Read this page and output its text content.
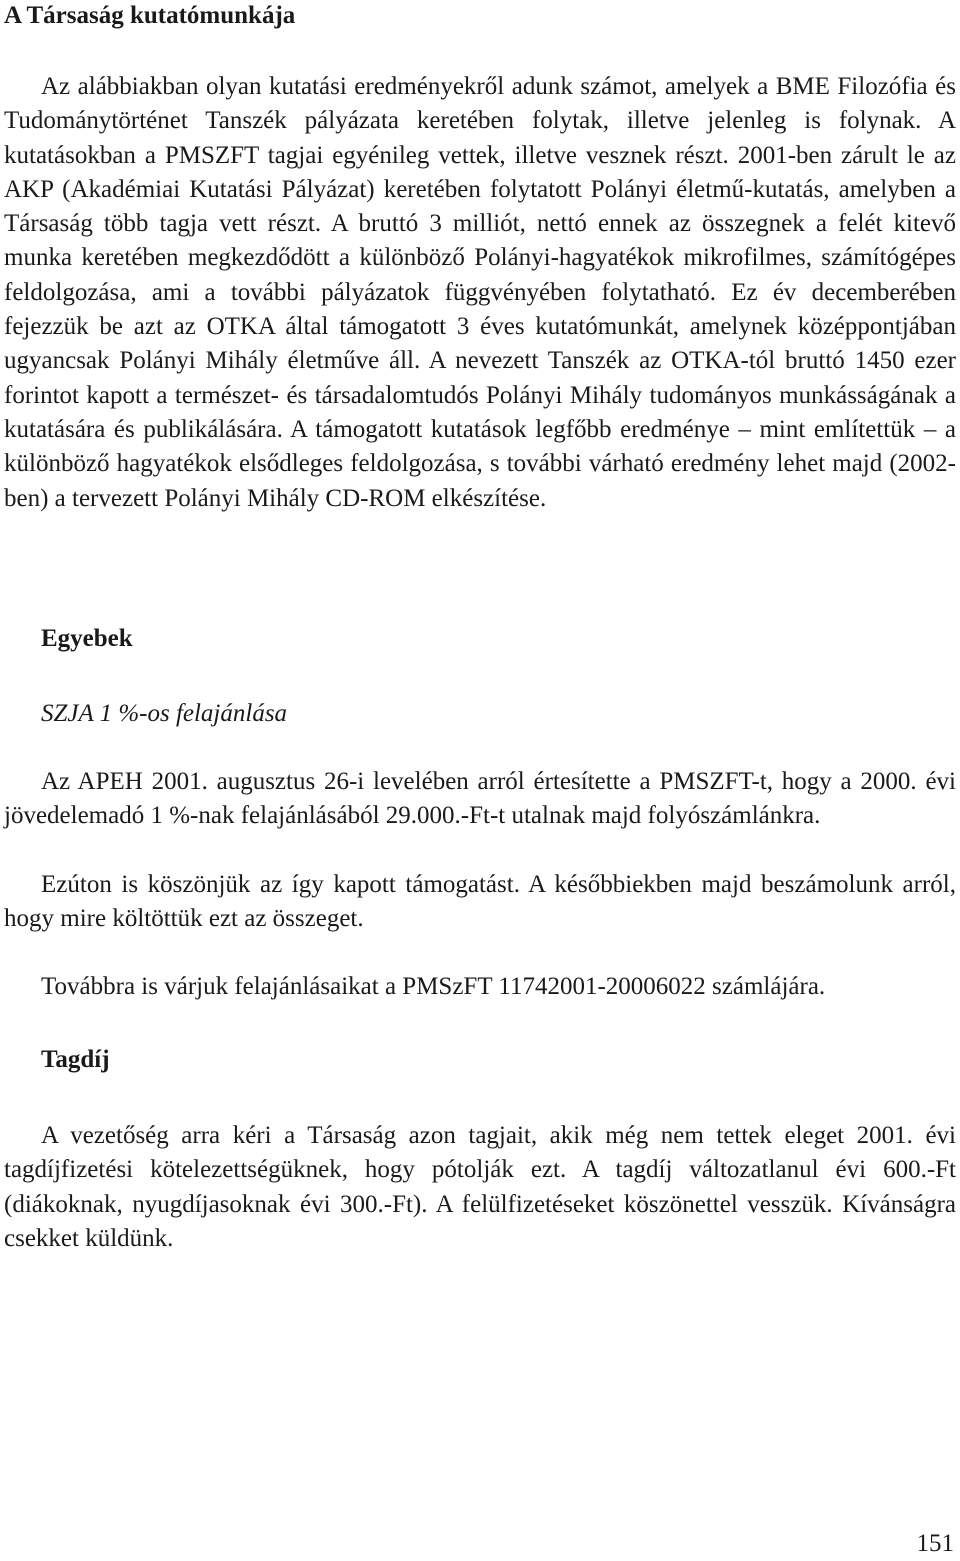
A Társaság kutatómunkája

Az alábbiakban olyan kutatási eredményekről adunk számot, amelyek a BME Filozófia és Tudománytörténet Tanszék pályázata keretében folytak, illetve jelenleg is folynak. A kutatásokban a PMSZFT tagjai egyénileg vettek, illetve vesznek részt. 2001-ben zárult le az AKP (Akadémiai Kutatási Pályázat) keretében folytatott Polányi életmű-kutatás, amelyben a Társaság több tagja vett részt. A bruttó 3 milliót, nettó ennek az összegnek a felét kitevő munka keretében megkezdődött a különböző Polányi-hagyatékok mikrofilmes, számítógépes feldolgozása, ami a további pályázatok függvényében folytatható. Ez év decemberében fejezzük be azt az OTKA által támogatott 3 éves kutatómunkát, amelynek középpontjában ugyancsak Polányi Mihály életműve áll. A nevezett Tanszék az OTKA-tól bruttó 1450 ezer forintot kapott a természet- és társadalomtudós Polányi Mihály tudományos munkásságának a kutatására és publikálására. A támogatott kutatások legfőbb eredménye – mint említettük – a különböző hagyatékok elsődleges feldolgozása, s további várható eredmény lehet majd (2002-ben) a tervezett Polányi Mihály CD-ROM elkészítése.

Egyebek
SZJA 1 %-os felajánlása

Az APEH 2001. augusztus 26-i levelében arról értesítette a PMSZFT-t, hogy a 2000. évi jövedelemadó 1 %-nak felajánlásából 29.000.-Ft-t utalnak majd folyószámlánkra.

Ezúton is köszönjük az így kapott támogatást. A későbbiekben majd beszámolunk arról, hogy mire költöttük ezt az összeget.

Továbbra is várjuk felajánlásaikat a PMSzFT 11742001-20006022 számlájára.

Tagdíj

A vezetőség arra kéri a Társaság azon tagjait, akik még nem tettek eleget 2001. évi tagdíjfizetési kötelezettségüknek, hogy pótolják ezt. A tagdíj változatlanul évi 600.-Ft (diákoknak, nyugdíjasoknak évi 300.-Ft). A felülfizetéseket köszönettel vesszük. Kívánságra csekket küldünk.

151
